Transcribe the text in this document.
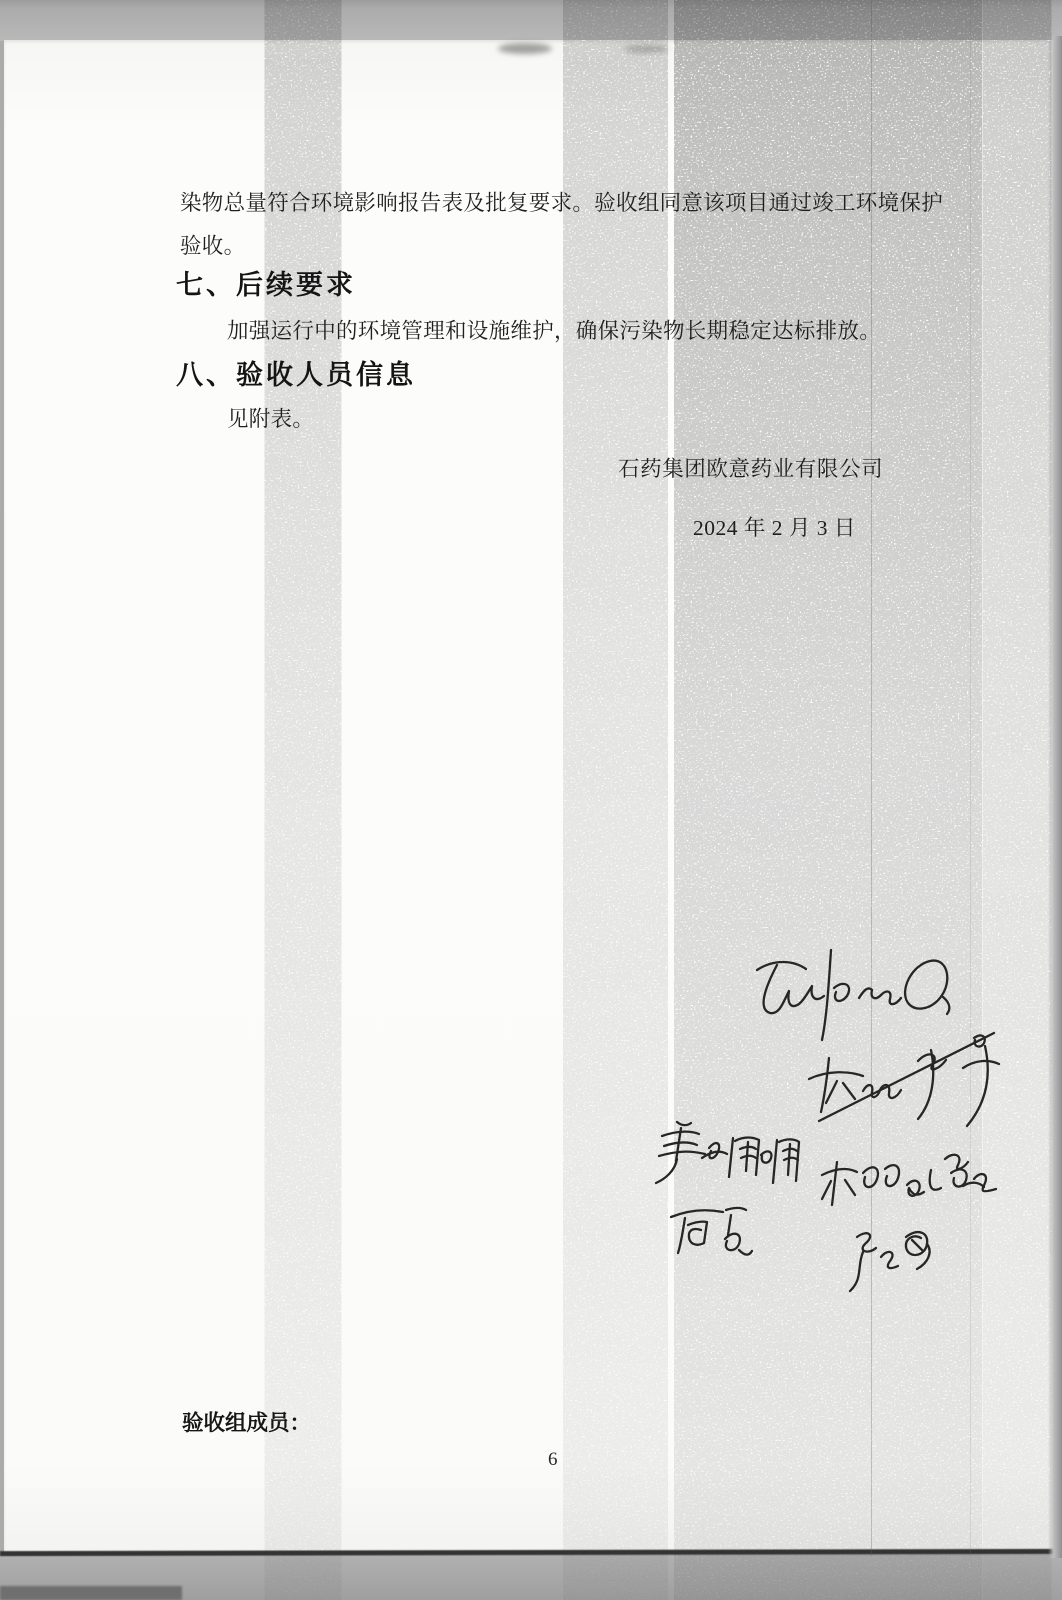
染物总量符合环境影响报告表及批复要求。验收组同意该项目通过竣工环境保护
验收。
七、后续要求
加强运行中的环境管理和设施维护，确保污染物长期稳定达标排放。
八、验收人员信息
见附表。
石药集团欧意药业有限公司
2024 年 2 月 3 日
验收组成员：
6
